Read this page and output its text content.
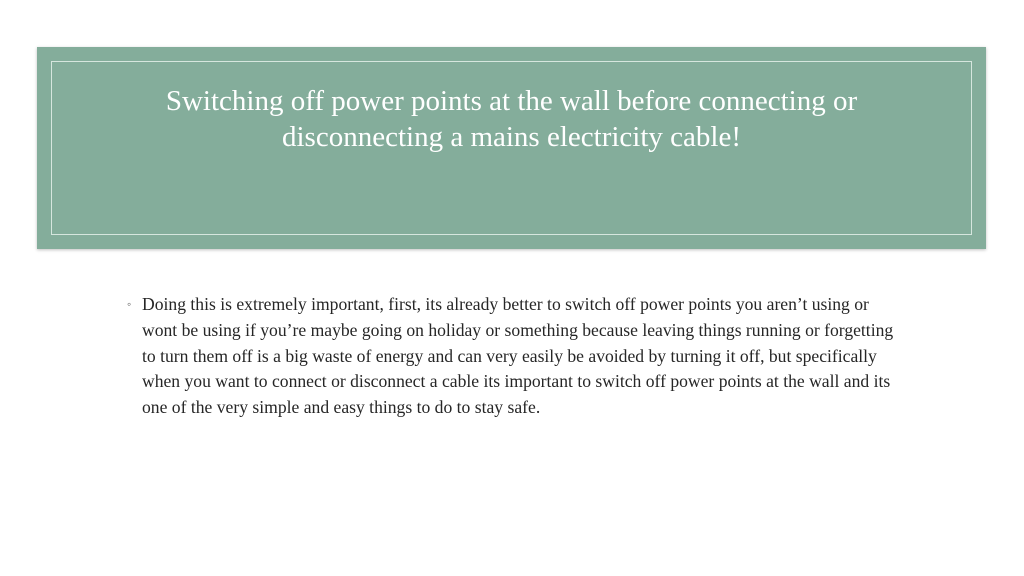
Switching off power points at the wall before connecting or disconnecting a mains electricity cable!
◦ Doing this is extremely important, first, its already better to switch off power points you aren’t using or wont be using if you’re maybe going on holiday or something because leaving things running or forgetting to turn them off is a big waste of energy and can very easily be avoided by turning it off, but specifically when you want to connect or disconnect a cable its important to switch off power points at the wall and its one of the very simple and easy things to do to stay safe.
